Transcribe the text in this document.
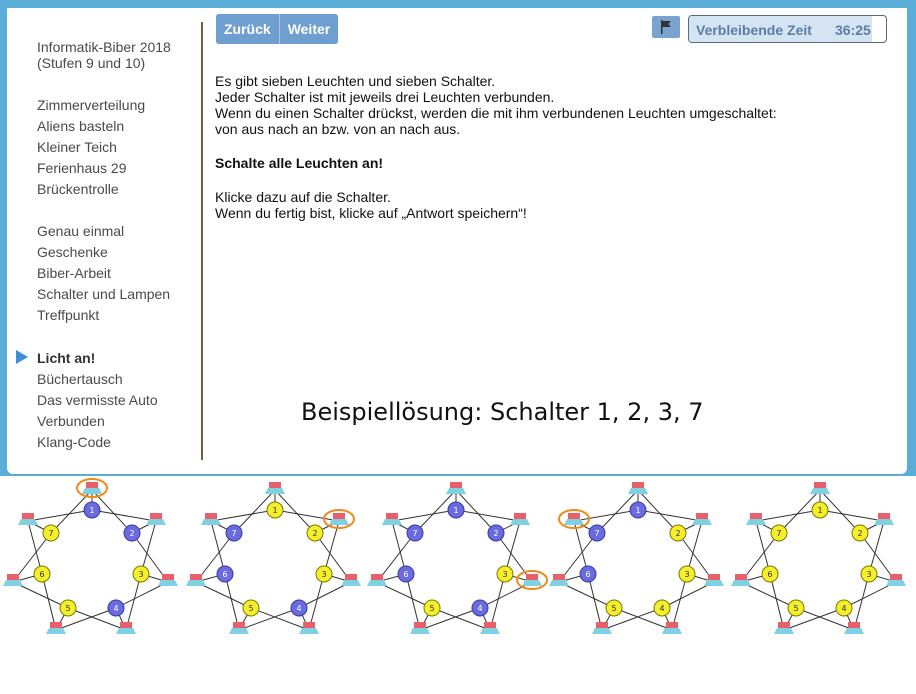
Informatik-Biber 2018
(Stufen 9 und 10)
Zimmerverteilung
Aliens basteln
Kleiner Teich
Ferienhaus 29
Brückentrolle
Genau einmal
Geschenke
Biber-Arbeit
Schalter und Lampen
Treffpunkt
Licht an!
Büchertausch
Das vermisste Auto
Verbunden
Klang-Code
Zurück	Weiter	Verbleibende Zeit 36:25

Es gibt sieben Leuchten und sieben Schalter.
Jeder Schalter ist mit jeweils drei Leuchten verbunden.
Wenn du einen Schalter drückst, werden die mit ihm verbundenen Leuchten umgeschaltet:
von aus nach an bzw. von an nach aus.

Schalte alle Leuchten an!

Klicke dazu auf die Schalter.
Wenn du fertig bist, klicke auf „Antwort speichern“!

Beispiellösung: Schalter 1, 2, 3, 7
1
2
3
4
5
6
7
1
2
3
4
5
6
7
1
2
3
4
5
6
7
1
2
3
4
5
6
7
1
2
3
4
5
6
7
